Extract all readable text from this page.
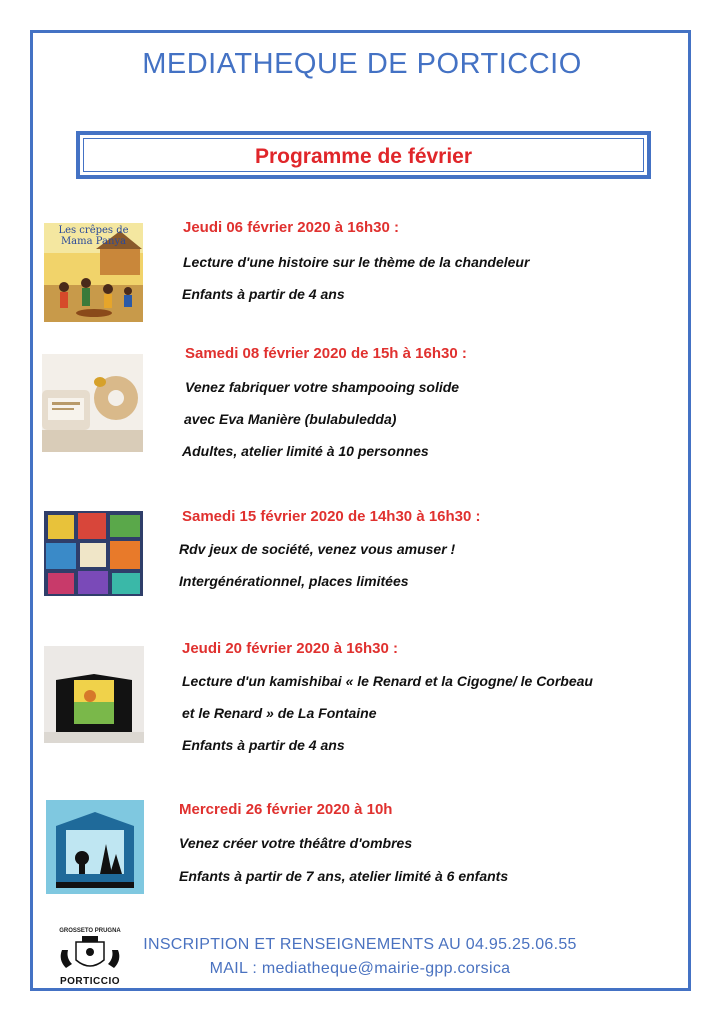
MEDIATHEQUE DE PORTICCIO
Programme de février
Les crêpes de Mama Panya
Jeudi 06 février 2020 à 16h30 :
Lecture d'une histoire sur le thème de la chandeleur
Enfants à partir de 4 ans
Samedi 08 février 2020 de 15h à 16h30 :
Venez fabriquer votre shampooing solide
avec Eva Manière (bulabuledda)
Adultes, atelier limité à 10 personnes
Samedi 15 février 2020 de 14h30 à 16h30 :
Rdv jeux de société, venez vous amuser !
Intergénérationnel, places limitées
Jeudi 20 février 2020 à 16h30 :
Lecture d'un kamishibai « le Renard et la Cigogne/ le Corbeau
et le Renard » de La Fontaine
Enfants à partir de 4 ans
Mercredi 26 février 2020 à 10h
Venez créer votre théâtre d'ombres
Enfants à partir de 7 ans, atelier limité à 6 enfants
GROSSETO PRUGNA
PORTICCIO
INSCRIPTION ET RENSEIGNEMENTS AU 04.95.25.06.55
MAIL : mediatheque@mairie-gpp.corsica
